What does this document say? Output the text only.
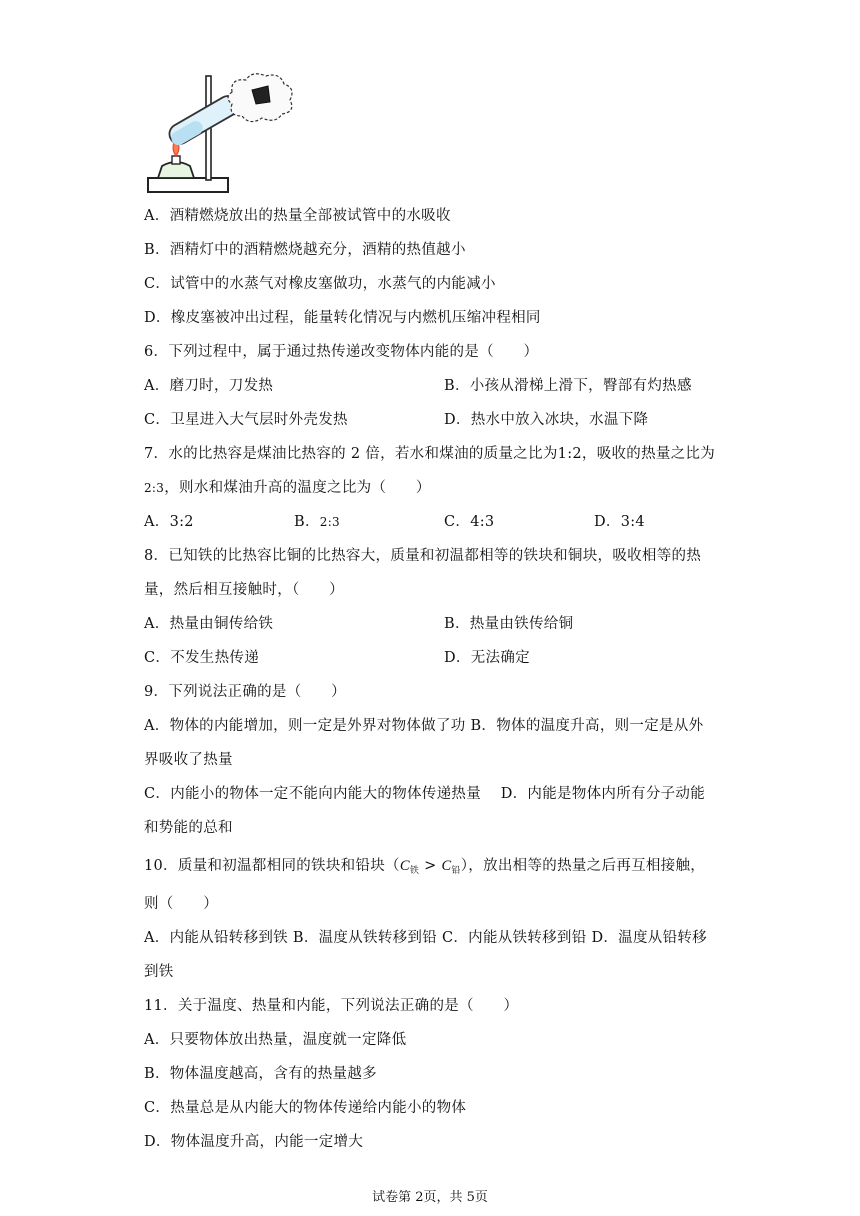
A．酒精燃烧放出的热量全部被试管中的水吸收
B．酒精灯中的酒精燃烧越充分，酒精的热值越小
C．试管中的水蒸气对橡皮塞做功，水蒸气的内能减小
D．橡皮塞被冲出过程，能量转化情况与内燃机压缩冲程相同
6．下列过程中，属于通过热传递改变物体内能的是（　　）
A．磨刀时，刀发热	B．小孩从滑梯上滑下，臀部有灼热感
C．卫星进入大气层时外壳发热	D．热水中放入冰块，水温下降
7．水的比热容是煤油比热容的 2 倍，若水和煤油的质量之比为1:2，吸收的热量之比为
2:3，则水和煤油升高的温度之比为（　　）
A．3:2	B．2:3	C．4:3	D．3:4
8．已知铁的比热容比铜的比热容大，质量和初温都相等的铁块和铜块，吸收相等的热
量，然后相互接触时，（　　）
A．热量由铜传给铁	B．热量由铁传给铜
C．不发生热传递	D．无法确定
9．下列说法正确的是（　　）
A．物体的内能增加，则一定是外界对物体做了功 B．物体的温度升高，则一定是从外
界吸收了热量
C．内能小的物体一定不能向内能大的物体传递热量　 D．内能是物体内所有分子动能
和势能的总和
10．质量和初温都相同的铁块和铅块$(C_铁 > C_铅)$，放出相等的热量之后再互相接触，
则（　　）
A．内能从铅转移到铁 B．温度从铁转移到铅 C．内能从铁转移到铅 D．温度从铅转移
到铁
11．关于温度、热量和内能，下列说法正确的是（　　）
A．只要物体放出热量，温度就一定降低
B．物体温度越高，含有的热量越多
C．热量总是从内能大的物体传递给内能小的物体
D．物体温度升高，内能一定增大
试卷第 2页，共 5页
